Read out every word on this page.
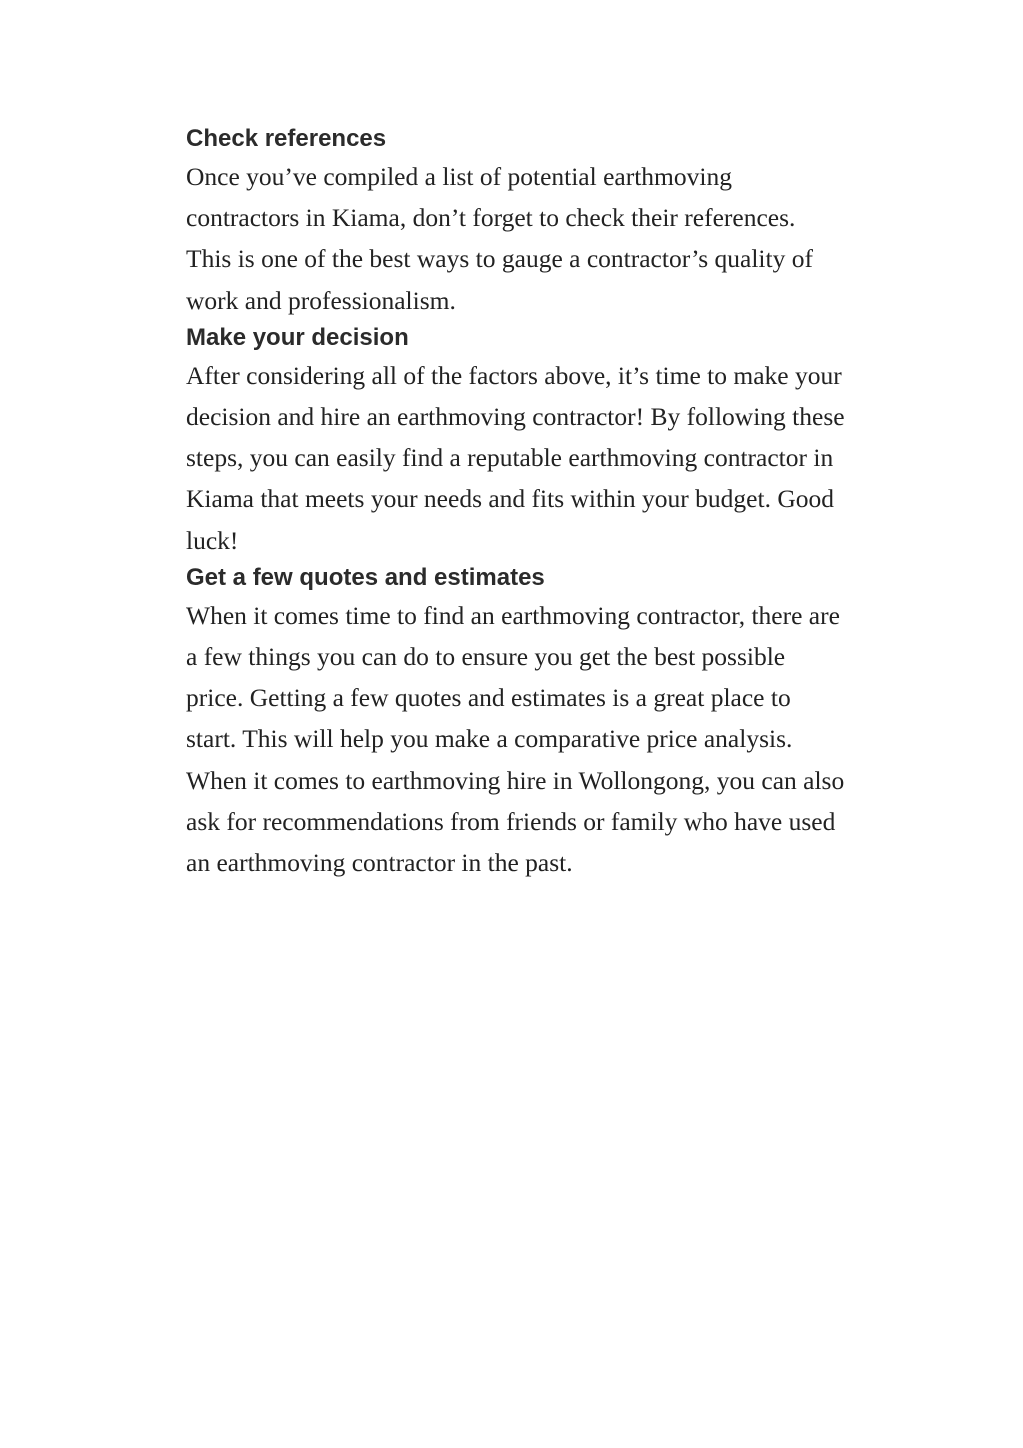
Check references

Once you’ve compiled a list of potential earthmoving contractors in Kiama, don’t forget to check their references. This is one of the best ways to gauge a contractor’s quality of work and professionalism.

Make your decision

After considering all of the factors above, it’s time to make your decision and hire an earthmoving contractor! By following these steps, you can easily find a reputable earthmoving contractor in Kiama that meets your needs and fits within your budget. Good luck!

Get a few quotes and estimates

When it comes time to find an earthmoving contractor, there are a few things you can do to ensure you get the best possible price. Getting a few quotes and estimates is a great place to start. This will help you make a comparative price analysis. When it comes to earthmoving hire in Wollongong, you can also ask for recommendations from friends or family who have used an earthmoving contractor in the past.
